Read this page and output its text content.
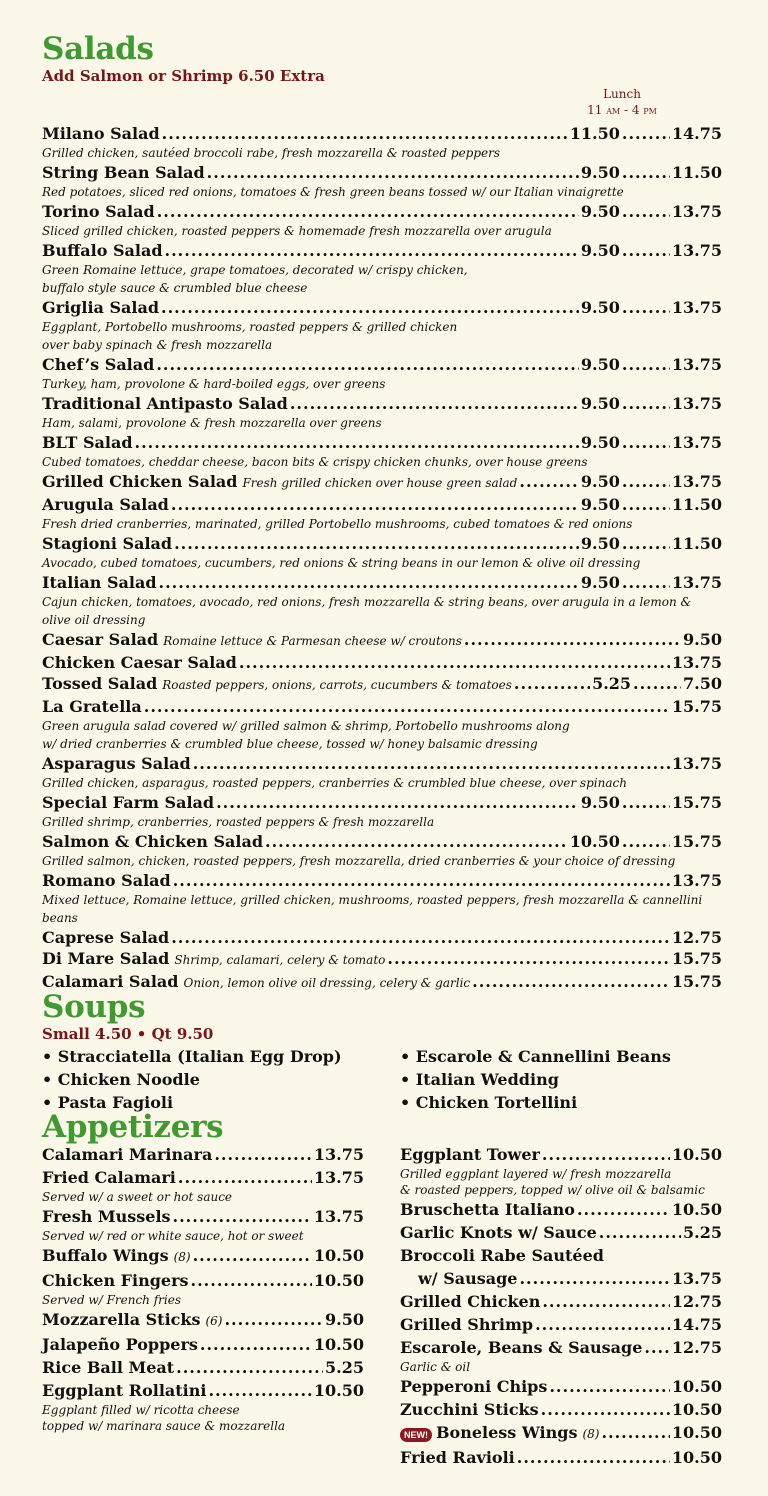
Salads
Add Salmon or Shrimp 6.50 Extra
Lunch
11 am - 4 pm
Milano Salad .....	11.50 .....	14.75
Grilled chicken, sautéed broccoli rabe, fresh mozzarella & roasted peppers
String Bean Salad .....	9.50 .....	11.50
Red potatoes, sliced red onions, tomatoes & fresh green beans tossed w/ our Italian vinaigrette
Torino Salad .....	9.50 .....	13.75
Sliced grilled chicken, roasted peppers & homemade fresh mozzarella over arugula
Buffalo Salad .....	9.50 .....	13.75
Green Romaine lettuce, grape tomatoes, decorated w/ crispy chicken,
buffalo style sauce & crumbled blue cheese
Griglia Salad .....	9.50 .....	13.75
Eggplant, Portobello mushrooms, roasted peppers & grilled chicken
over baby spinach & fresh mozzarella
Chef’s Salad .....	9.50 .....	13.75
Turkey, ham, provolone & hard-boiled eggs, over greens
Traditional Antipasto Salad .....	9.50 .....	13.75
Ham, salami, provolone & fresh mozzarella over greens
BLT Salad .....	9.50 .....	13.75
Cubed tomatoes, cheddar cheese, bacon bits & crispy chicken chunks, over house greens
Grilled Chicken Salad Fresh grilled chicken over house green salad .....	9.50 .....	13.75
Arugula Salad .....	9.50 .....	11.50
Fresh dried cranberries, marinated, grilled Portobello mushrooms, cubed tomatoes & red onions
Stagioni Salad .....	9.50 .....	11.50
Avocado, cubed tomatoes, cucumbers, red onions & string beans in our lemon & olive oil dressing
Italian Salad .....	9.50 .....	13.75
Cajun chicken, tomatoes, avocado, red onions, fresh mozzarella & string beans, over arugula in a lemon & olive oil dressing
Caesar Salad Romaine lettuce & Parmesan cheese w/ croutons .....	9.50
Chicken Caesar Salad .....	13.75
Tossed Salad Roasted peppers, onions, carrots, cucumbers & tomatoes .....	5.25 .....	7.50
La Gratella .....	15.75
Green arugula salad covered w/ grilled salmon & shrimp, Portobello mushrooms along
w/ dried cranberries & crumbled blue cheese, tossed w/ honey balsamic dressing
Asparagus Salad .....	13.75
Grilled chicken, asparagus, roasted peppers, cranberries & crumbled blue cheese, over spinach
Special Farm Salad .....	9.50 .....	15.75
Grilled shrimp, cranberries, roasted peppers & fresh mozzarella
Salmon & Chicken Salad .....	10.50 .....	15.75
Grilled salmon, chicken, roasted peppers, fresh mozzarella, dried cranberries & your choice of dressing
Romano Salad .....	13.75
Mixed lettuce, Romaine lettuce, grilled chicken, mushrooms, roasted peppers, fresh mozzarella & cannellini beans
Caprese Salad .....	12.75
Di Mare Salad Shrimp, calamari, celery & tomato .....	15.75
Calamari Salad Onion, lemon olive oil dressing, celery & garlic .....	15.75
Soups
Small 4.50 • Qt 9.50
• Stracciatella (Italian Egg Drop)
• Chicken Noodle
• Pasta Fagioli
• Escarole & Cannellini Beans
• Italian Wedding
• Chicken Tortellini
Appetizers
Calamari Marinara .....	13.75
Fried Calamari .....	13.75
Served w/ a sweet or hot sauce
Fresh Mussels .....	13.75
Served w/ red or white sauce, hot or sweet
Buffalo Wings (8) .....	10.50
Chicken Fingers .....	10.50
Served w/ French fries
Mozzarella Sticks (6) .....	9.50
Jalapeño Poppers .....	10.50
Rice Ball Meat .....	5.25
Eggplant Rollatini .....	10.50
Eggplant filled w/ ricotta cheese
topped w/ marinara sauce & mozzarella
Eggplant Tower .....	10.50
Grilled eggplant layered w/ fresh mozzarella
& roasted peppers, topped w/ olive oil & balsamic
Bruschetta Italiano .....	10.50
Garlic Knots w/ Sauce .....	5.25
Broccoli Rabe Sautéed
w/ Sausage .....	13.75
Grilled Chicken .....	12.75
Grilled Shrimp .....	14.75
Escarole, Beans & Sausage ..... 12.75
Garlic & oil
Pepperoni Chips .....	10.50
Zucchini Sticks .....	10.50
NEW! Boneless Wings (8) .....	10.50
Fried Ravioli .....	10.50
